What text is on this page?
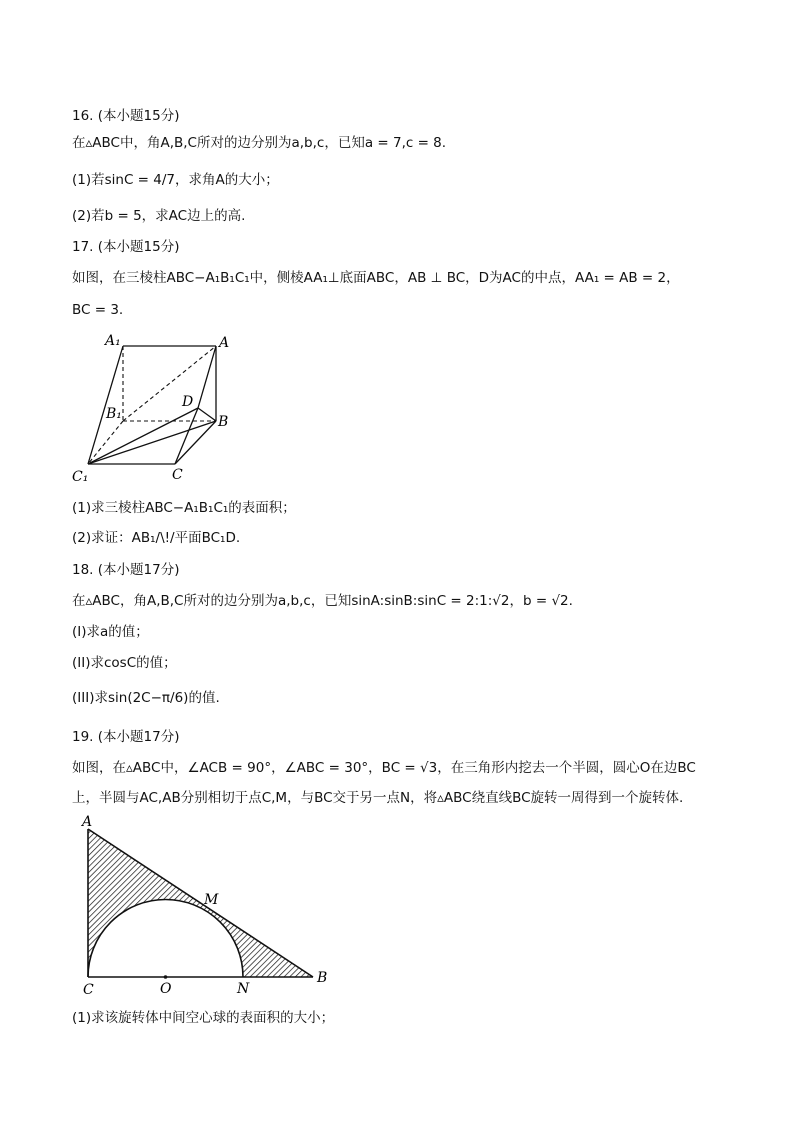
16. (本小题15分)
在▵ABC中，角A,B,C所对的边分别为a,b,c，已知a = 7,c = 8.
(1)若sinC = 4/7，求角A的大小；
(2)若b = 5，求AC边上的高.
17. (本小题15分)
如图，在三棱柱ABC−A₁B₁C₁中，侧棱AA₁⊥底面ABC，AB ⊥ BC，D为AC的中点，AA₁ = AB = 2，
BC = 3.
A₁	A
B₁
D
B
C₁	C
(1)求三棱柱ABC−A₁B₁C₁的表面积；
(2)求证：AB₁/\!/平面BC₁D.
18. (本小题17分)
在▵ABC，角A,B,C所对的边分别为a,b,c，已知sinA:sinB:sinC = 2:1:√2，b = √2.
(I)求a的值；
(II)求cosC的值；
(III)求sin(2C−π/6)的值.
19. (本小题17分)
如图，在▵ABC中，∠ACB = 90°，∠ABC = 30°，BC = √3，在三角形内挖去一个半圆，圆心O在边BC
上，半圆与AC,AB分别相切于点C,M，与BC交于另一点N，将▵ABC绕直线BC旋转一周得到一个旋转体.
A
M
B
C	O	N
(1)求该旋转体中间空心球的表面积的大小；
